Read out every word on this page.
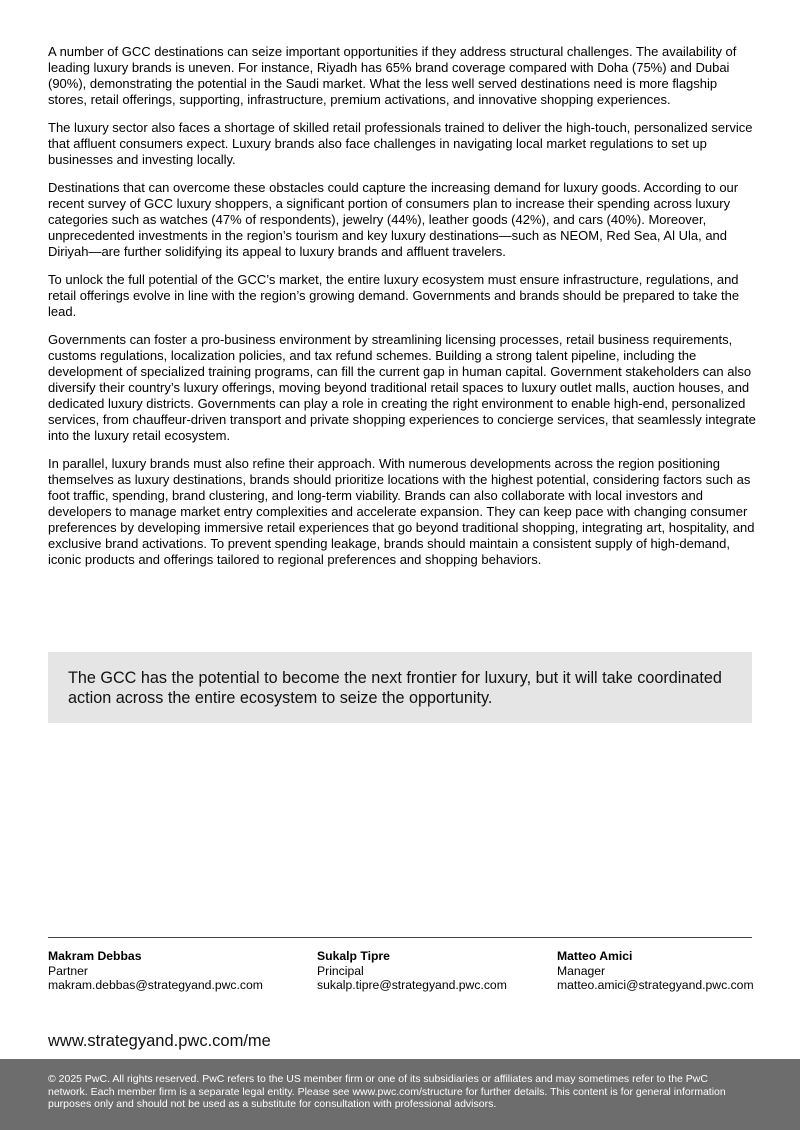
A number of GCC destinations can seize important opportunities if they address structural challenges. The availability of leading luxury brands is uneven. For instance, Riyadh has 65% brand coverage compared with Doha (75%) and Dubai (90%), demonstrating the potential in the Saudi market. What the less well served destinations need is more flagship stores, retail offerings, supporting, infrastructure, premium activations, and innovative shopping experiences.

The luxury sector also faces a shortage of skilled retail professionals trained to deliver the high-touch, personalized service that affluent consumers expect. Luxury brands also face challenges in navigating local market regulations to set up businesses and investing locally.

Destinations that can overcome these obstacles could capture the increasing demand for luxury goods. According to our recent survey of GCC luxury shoppers, a significant portion of consumers plan to increase their spending across luxury categories such as watches (47% of respondents), jewelry (44%), leather goods (42%), and cars (40%). Moreover, unprecedented investments in the region’s tourism and key luxury destinations—such as NEOM, Red Sea, Al Ula, and Diriyah—are further solidifying its appeal to luxury brands and affluent travelers.

To unlock the full potential of the GCC’s market, the entire luxury ecosystem must ensure infrastructure, regulations, and retail offerings evolve in line with the region’s growing demand. Governments and brands should be prepared to take the lead.

Governments can foster a pro-business environment by streamlining licensing processes, retail business requirements, customs regulations, localization policies, and tax refund schemes. Building a strong talent pipeline, including the development of specialized training programs, can fill the current gap in human capital. Government stakeholders can also diversify their country’s luxury offerings, moving beyond traditional retail spaces to luxury outlet malls, auction houses, and dedicated luxury districts. Governments can play a role in creating the right environment to enable high-end, personalized services, from chauffeur-driven transport and private shopping experiences to concierge services, that seamlessly integrate into the luxury retail ecosystem.

In parallel, luxury brands must also refine their approach. With numerous developments across the region positioning themselves as luxury destinations, brands should prioritize locations with the highest potential, considering factors such as foot traffic, spending, brand clustering, and long-term viability. Brands can also collaborate with local investors and developers to manage market entry complexities and accelerate expansion. They can keep pace with changing consumer preferences by developing immersive retail experiences that go beyond traditional shopping, integrating art, hospitality, and exclusive brand activations. To prevent spending leakage, brands should maintain a consistent supply of high-demand, iconic products and offerings tailored to regional preferences and shopping behaviors.

The GCC has the potential to become the next frontier for luxury, but it will take coordinated action across the entire ecosystem to seize the opportunity.

Makram Debbas
Partner
makram.debbas@strategyand.pwc.com
Sukalp Tipre
Principal
sukalp.tipre@strategyand.pwc.com
Matteo Amici
Manager
matteo.amici@strategyand.pwc.com
www.strategyand.pwc.com/me

© 2025 PwC. All rights reserved. PwC refers to the US member firm or one of its subsidiaries or affiliates and may sometimes refer to the PwC network. Each member firm is a separate legal entity. Please see www.pwc.com/structure for further details. This content is for general information purposes only and should not be used as a substitute for consultation with professional advisors.
